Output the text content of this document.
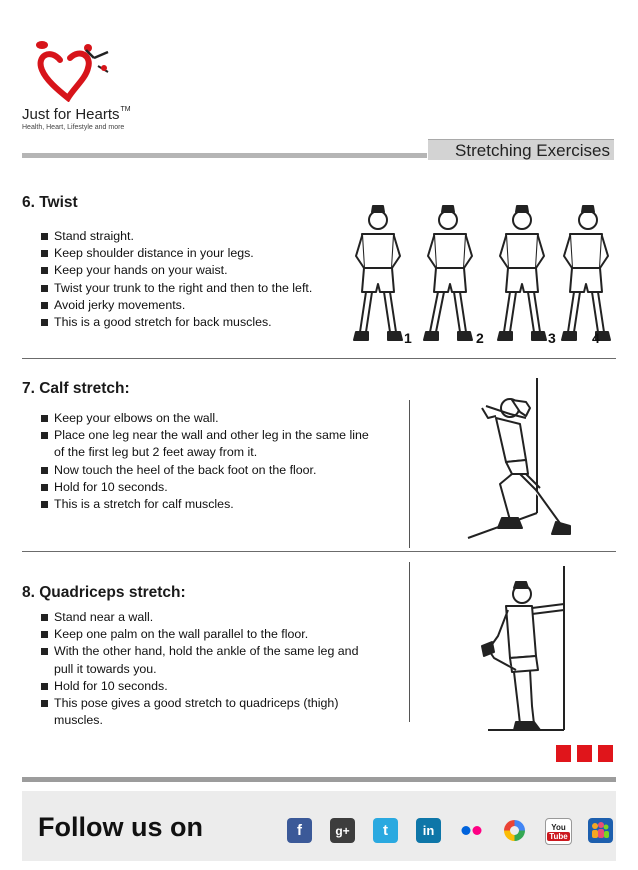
Just for Hearts™
Health, Heart, Lifestyle and more
Stretching Exercises
6. Twist
Stand straight.
Keep shoulder distance in your legs.
Keep your hands on your waist.
Twist your trunk to the right and then to the left.
Avoid jerky movements.
This is a good stretch for back muscles.
1	2	3	4
7. Calf stretch:
Keep your elbows on the wall.
Place one leg near the wall and other leg in the same line
of the first leg but 2 feet away from it.
Now touch the heel of the back foot on the floor.
Hold for 10 seconds.
This is a stretch for calf muscles.
8. Quadriceps stretch:
Stand near a wall.
Keep one palm on the wall parallel to the floor.
With the other hand, hold the ankle of the same leg and
pull it towards you.
Hold for 10 seconds.
This pose gives a good stretch to quadriceps (thigh)
muscles.
Follow us on	f	g+	t	in	You
Tube
